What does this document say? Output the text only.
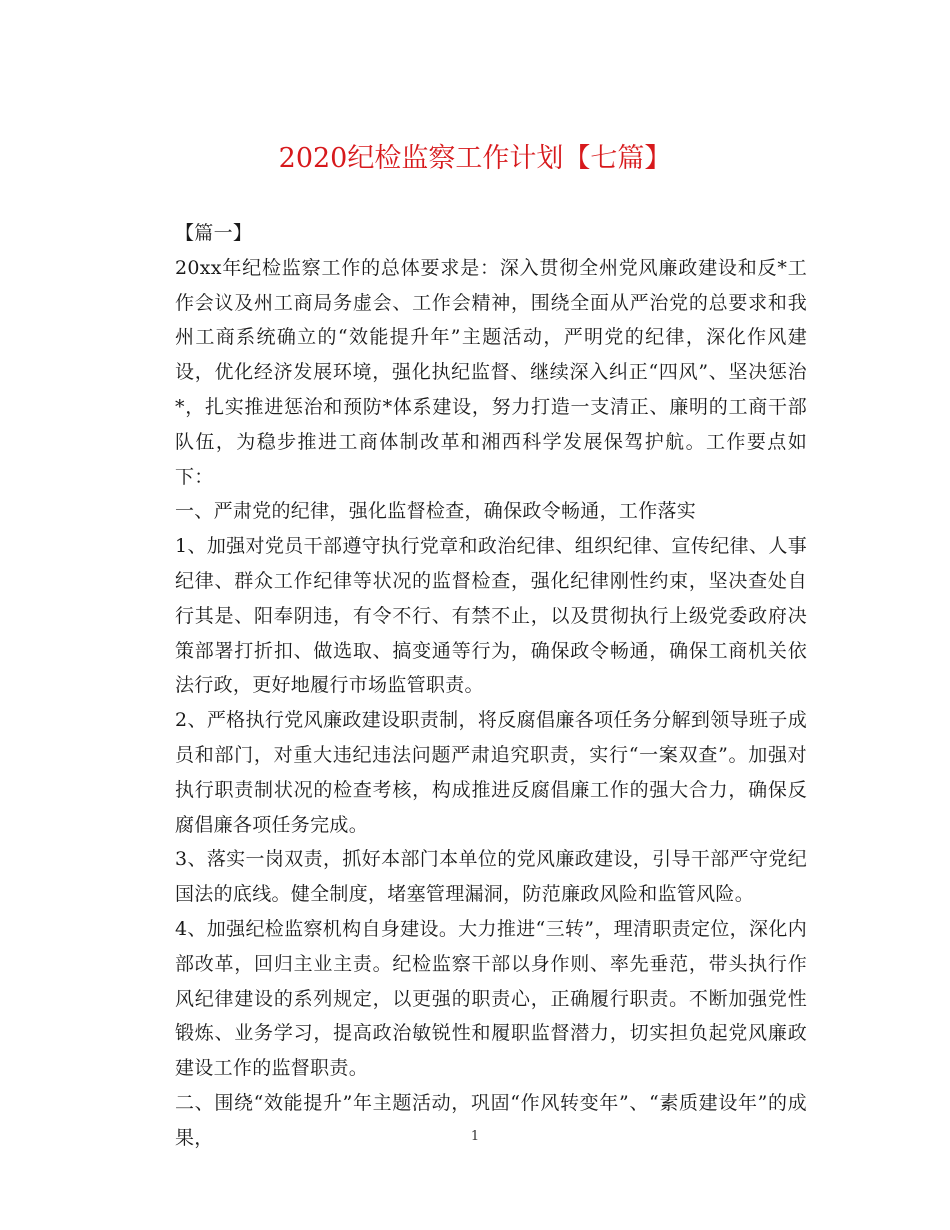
2020纪检监察工作计划【七篇】

【篇一】

20xx年纪检监察工作的总体要求是：深入贯彻全州党风廉政建设和反*工作会议及州工商局务虚会、工作会精神，围绕全面从严治党的总要求和我州工商系统确立的“效能提升年”主题活动，严明党的纪律，深化作风建设，优化经济发展环境，强化执纪监督、继续深入纠正“四风”、坚决惩治*，扎实推进惩治和预防*体系建设，努力打造一支清正、廉明的工商干部队伍，为稳步推进工商体制改革和湘西科学发展保驾护航。工作要点如下：

一、严肃党的纪律，强化监督检查，确保政令畅通，工作落实

1、加强对党员干部遵守执行党章和政治纪律、组织纪律、宣传纪律、人事纪律、群众工作纪律等状况的监督检查，强化纪律刚性约束，坚决查处自行其是、阳奉阴违，有令不行、有禁不止，以及贯彻执行上级党委政府决策部署打折扣、做选取、搞变通等行为，确保政令畅通，确保工商机关依法行政，更好地履行市场监管职责。

2、严格执行党风廉政建设职责制，将反腐倡廉各项任务分解到领导班子成员和部门，对重大违纪违法问题严肃追究职责，实行“一案双查”。加强对执行职责制状况的检查考核，构成推进反腐倡廉工作的强大合力，确保反腐倡廉各项任务完成。

3、落实一岗双责，抓好本部门本单位的党风廉政建设，引导干部严守党纪国法的底线。健全制度，堵塞管理漏洞，防范廉政风险和监管风险。

4、加强纪检监察机构自身建设。大力推进“三转”，理清职责定位，深化内部改革，回归主业主责。纪检监察干部以身作则、率先垂范，带头执行作风纪律建设的系列规定，以更强的职责心，正确履行职责。不断加强党性锻炼、业务学习，提高政治敏锐性和履职监督潜力，切实担负起党风廉政建设工作的监督职责。

二、围绕“效能提升”年主题活动，巩固“作风转变年”、“素质建设年”的成果，	1
